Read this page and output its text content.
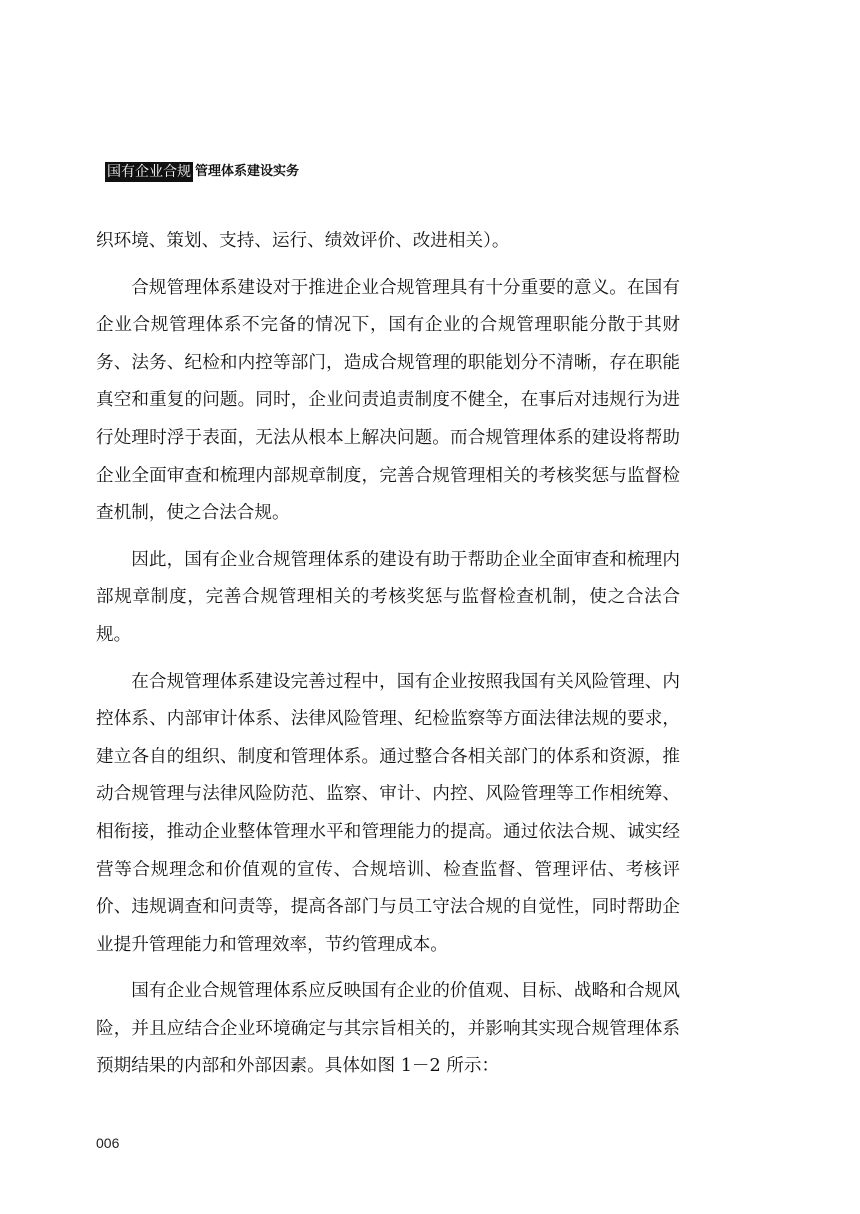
国有企业合规 管理体系建设实务

织环境、策划、支持、运行、绩效评价、改进相关）。

合规管理体系建设对于推进企业合规管理具有十分重要的意义。在国有企业合规管理体系不完备的情况下，国有企业的合规管理职能分散于其财务、法务、纪检和内控等部门，造成合规管理的职能划分不清晰，存在职能真空和重复的问题。同时，企业问责追责制度不健全，在事后对违规行为进行处理时浮于表面，无法从根本上解决问题。而合规管理体系的建设将帮助企业全面审查和梳理内部规章制度，完善合规管理相关的考核奖惩与监督检查机制，使之合法合规。

因此，国有企业合规管理体系的建设有助于帮助企业全面审查和梳理内部规章制度，完善合规管理相关的考核奖惩与监督检查机制，使之合法合规。

在合规管理体系建设完善过程中，国有企业按照我国有关风险管理、内控体系、内部审计体系、法律风险管理、纪检监察等方面法律法规的要求，建立各自的组织、制度和管理体系。通过整合各相关部门的体系和资源，推动合规管理与法律风险防范、监察、审计、内控、风险管理等工作相统筹、相衔接，推动企业整体管理水平和管理能力的提高。通过依法合规、诚实经营等合规理念和价值观的宣传、合规培训、检查监督、管理评估、考核评价、违规调查和问责等，提高各部门与员工守法合规的自觉性，同时帮助企业提升管理能力和管理效率，节约管理成本。

国有企业合规管理体系应反映国有企业的价值观、目标、战略和合规风险，并且应结合企业环境确定与其宗旨相关的，并影响其实现合规管理体系预期结果的内部和外部因素。具体如图 1－2 所示：

006
